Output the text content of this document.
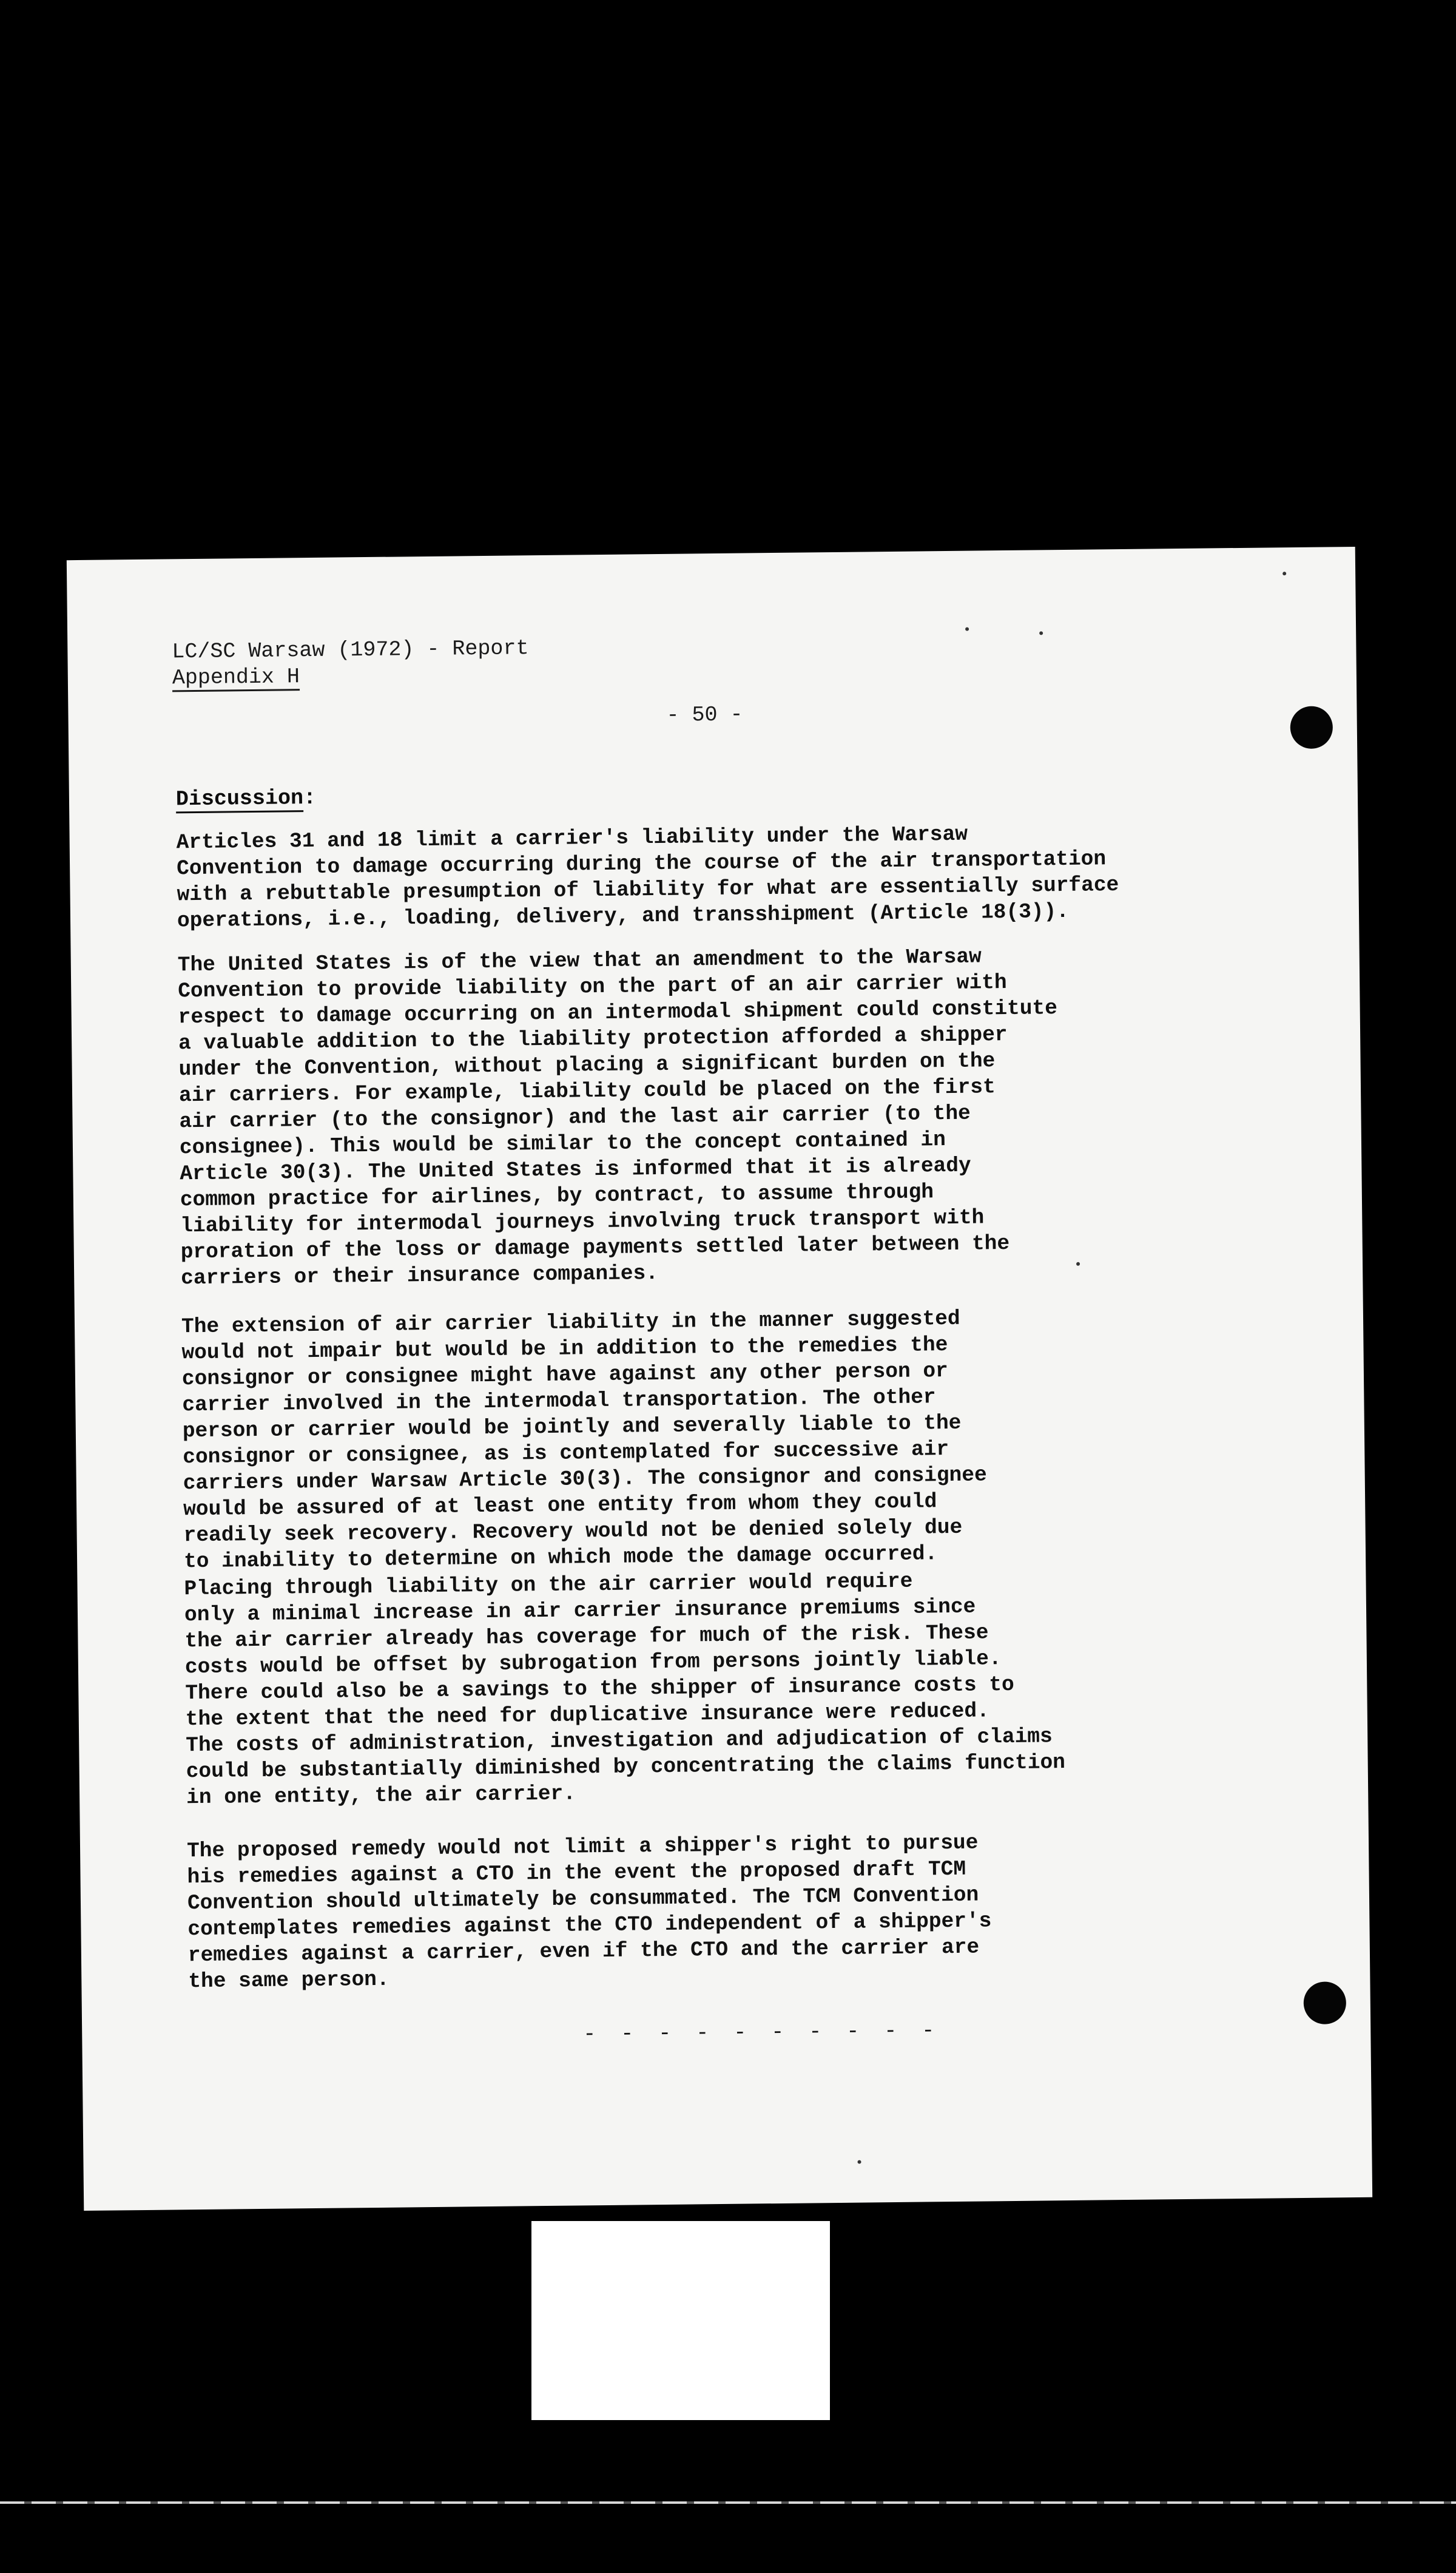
LC/SC Warsaw (1972) - Report
Appendix H
- 50 -
Discussion:

Articles 31 and 18 limit a carrier's liability under the Warsaw
Convention to damage occurring during the course of the air transportation
with a rebuttable presumption of liability for what are essentially surface
operations, i.e., loading, delivery, and transshipment (Article 18(3)).

The United States is of the view that an amendment to the Warsaw
Convention to provide liability on the part of an air carrier with
respect to damage occurring on an intermodal shipment could constitute
a valuable addition to the liability protection afforded a shipper
under the Convention, without placing a significant burden on the
air carriers. For example, liability could be placed on the first
air carrier (to the consignor) and the last air carrier (to the
consignee). This would be similar to the concept contained in
Article 30(3). The United States is informed that it is already
common practice for airlines, by contract, to assume through
liability for intermodal journeys involving truck transport with
proration of the loss or damage payments settled later between the
carriers or their insurance companies.

The extension of air carrier liability in the manner suggested
would not impair but would be in addition to the remedies the
consignor or consignee might have against any other person or
carrier involved in the intermodal transportation. The other
person or carrier would be jointly and severally liable to the
consignor or consignee, as is contemplated for successive air
carriers under Warsaw Article 30(3). The consignor and consignee
would be assured of at least one entity from whom they could
readily seek recovery. Recovery would not be denied solely due
to inability to determine on which mode the damage occurred.

Placing through liability on the air carrier would require
only a minimal increase in air carrier insurance premiums since
the air carrier already has coverage for much of the risk. These
costs would be offset by subrogation from persons jointly liable.
There could also be a savings to the shipper of insurance costs to
the extent that the need for duplicative insurance were reduced.
The costs of administration, investigation and adjudication of claims
could be substantially diminished by concentrating the claims function
in one entity, the air carrier.

The proposed remedy would not limit a shipper's right to pursue
his remedies against a CTO in the event the proposed draft TCM
Convention should ultimately be consummated. The TCM Convention
contemplates remedies against the CTO independent of a shipper's
remedies against a carrier, even if the CTO and the carrier are
the same person.

- - - - - - - - - -
